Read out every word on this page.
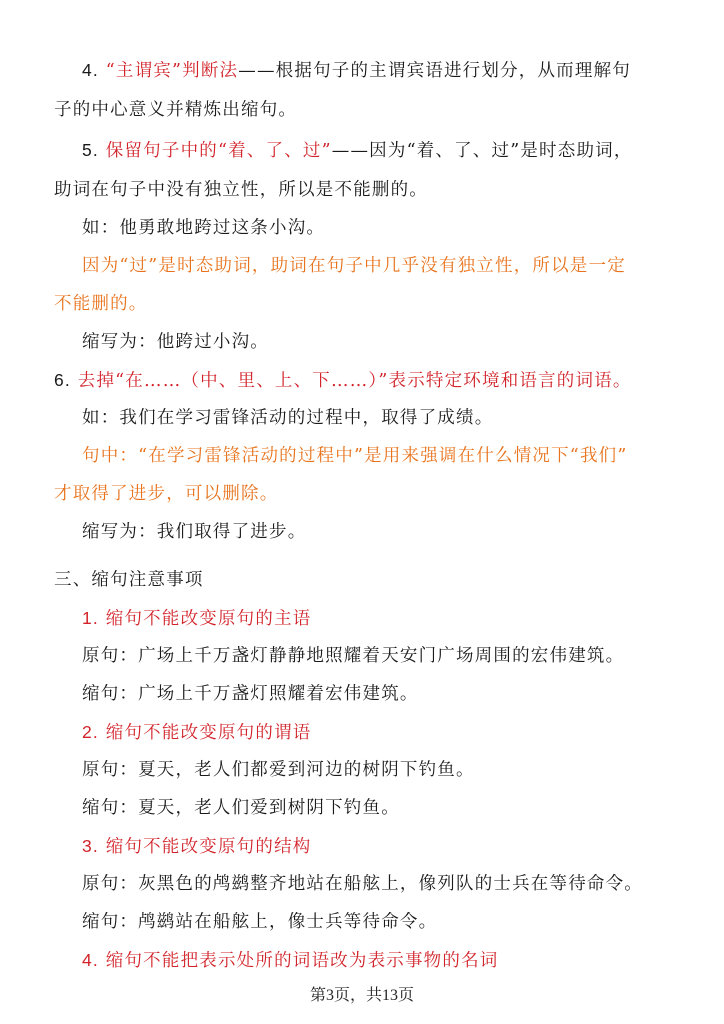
4. “主谓宾”判断法——根据句子的主谓宾语进行划分，从而理解句
子的中心意义并精炼出缩句。
5. 保留句子中的“着、了、过”——因为“着、了、过”是时态助词，
助词在句子中没有独立性，所以是不能删的。
如：他勇敢地跨过这条小沟。
因为“过”是时态助词，助词在句子中几乎没有独立性，所以是一定
不能删的。
缩写为：他跨过小沟。
6. 去掉“在……（中、里、上、下……）”表示特定环境和语言的词语。
如：我们在学习雷锋活动的过程中，取得了成绩。
句中：“在学习雷锋活动的过程中”是用来强调在什么情况下“我们”
才取得了进步，可以删除。
缩写为：我们取得了进步。
三、缩句注意事项
1. 缩句不能改变原句的主语
原句：广场上千万盏灯静静地照耀着天安门广场周围的宏伟建筑。
缩句：广场上千万盏灯照耀着宏伟建筑。
2. 缩句不能改变原句的谓语
原句：夏天，老人们都爱到河边的树阴下钓鱼。
缩句：夏天，老人们爱到树阴下钓鱼。
3. 缩句不能改变原句的结构
原句：灰黑色的鸬鹚整齐地站在船舷上，像列队的士兵在等待命令。
缩句：鸬鹚站在船舷上，像士兵等待命令。
4. 缩句不能把表示处所的词语改为表示事物的名词
第3页，共13页
